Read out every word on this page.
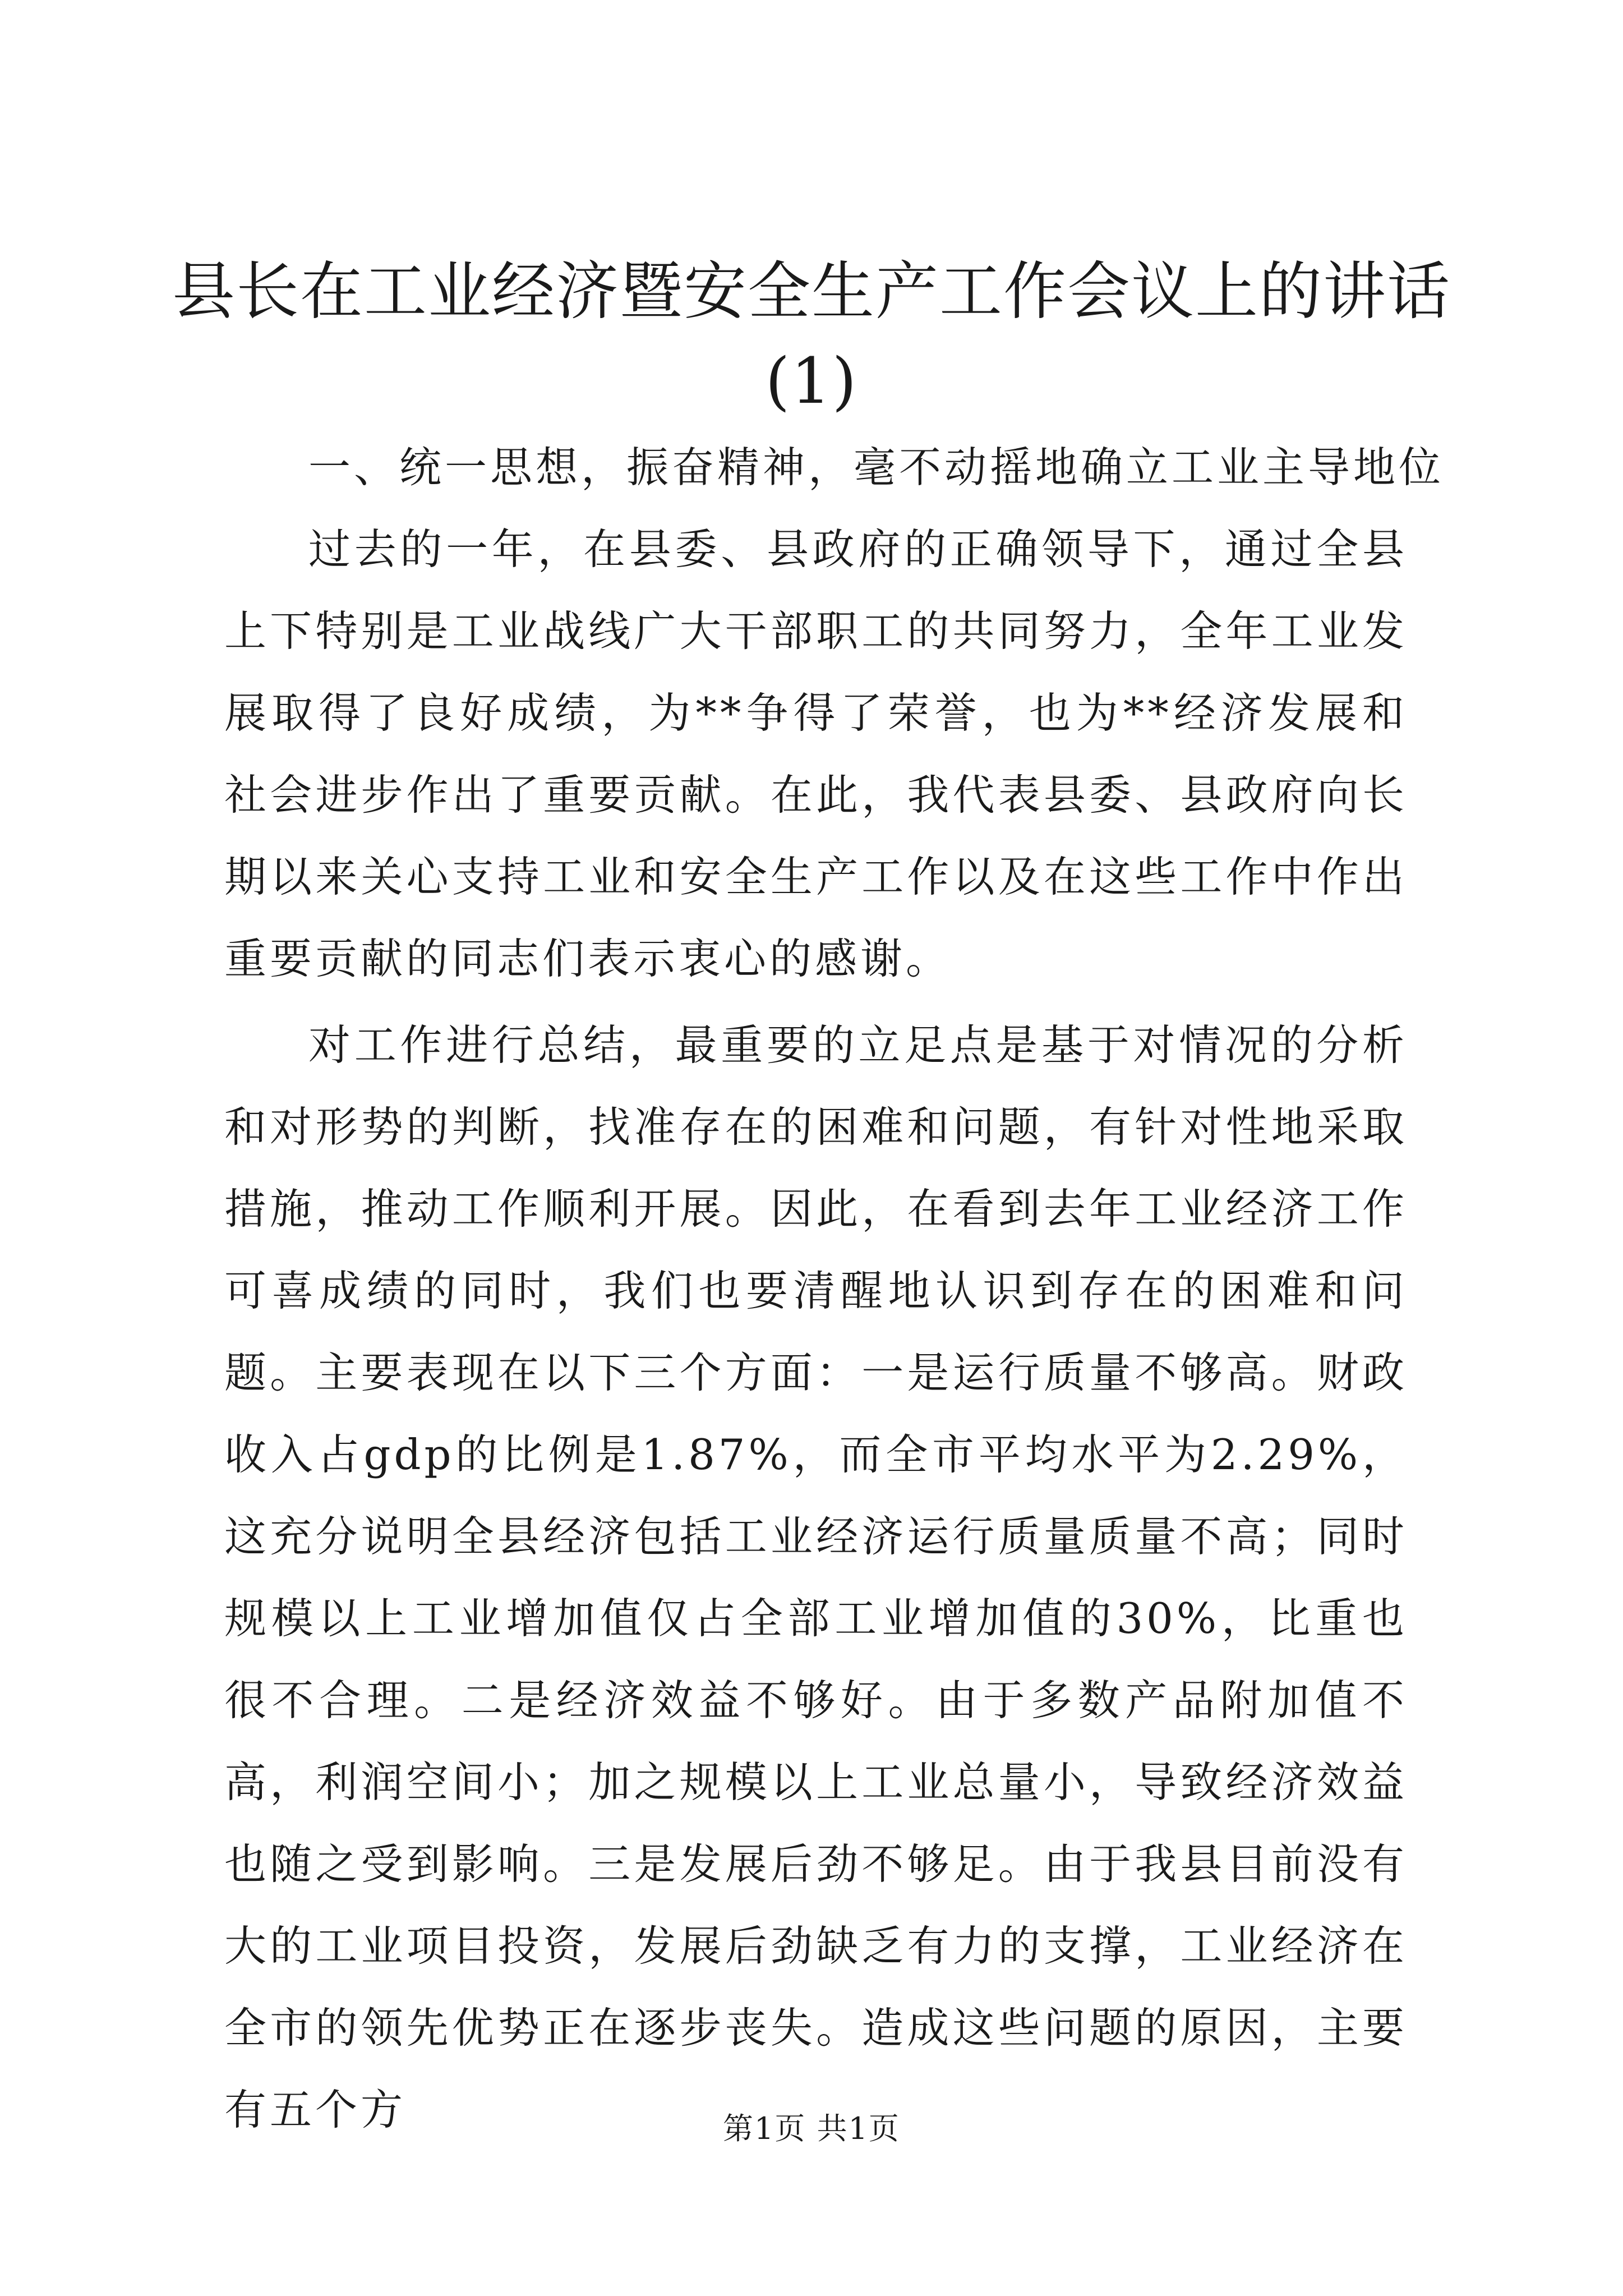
县长在工业经济暨安全生产工作会议上的讲话
(1)

一、统一思想，振奋精神，毫不动摇地确立工业主导地位

过去的一年，在县委、县政府的正确领导下，通过全县上下特别是工业战线广大干部职工的共同努力，全年工业发展取得了良好成绩，为**争得了荣誉，也为**经济发展和社会进步作出了重要贡献。在此，我代表县委、县政府向长期以来关心支持工业和安全生产工作以及在这些工作中作出重要贡献的同志们表示衷心的感谢。

对工作进行总结，最重要的立足点是基于对情况的分析和对形势的判断，找准存在的困难和问题，有针对性地采取措施，推动工作顺利开展。因此，在看到去年工业经济工作可喜成绩的同时，我们也要清醒地认识到存在的困难和问题。主要表现在以下三个方面：一是运行质量不够高。财政收入占gdp的比例是1.87%，而全市平均水平为2.29%，这充分说明全县经济包括工业经济运行质量质量不高；同时规模以上工业增加值仅占全部工业增加值的30%，比重也很不合理。二是经济效益不够好。由于多数产品附加值不高，利润空间小；加之规模以上工业总量小，导致经济效益也随之受到影响。三是发展后劲不够足。由于我县目前没有大的工业项目投资，发展后劲缺乏有力的支撑，工业经济在全市的领先优势正在逐步丧失。造成这些问题的原因，主要有五个方	第1页 共1页
